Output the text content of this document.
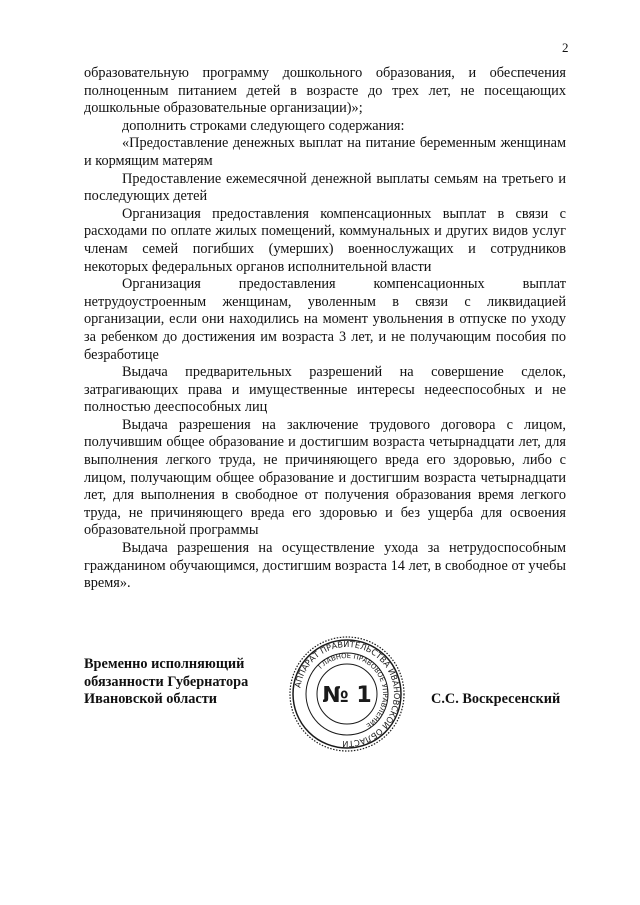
2

образовательную программу дошкольного образования, и обеспечения полноценным питанием детей в возрасте до трех лет, не посещающих дошкольные образовательные организации)»;

дополнить строками следующего содержания:

«Предоставление денежных выплат на питание беременным женщинам и кормящим матерям

Предоставление ежемесячной денежной выплаты семьям на третьего и последующих детей

Организация предоставления компенсационных выплат в связи с расходами по оплате жилых помещений, коммунальных и других видов услуг членам семей погибших (умерших) военнослужащих и сотрудников некоторых федеральных органов исполнительной власти

Организация предоставления компенсационных выплат нетрудоустроенным женщинам, уволенным в связи с ликвидацией организации, если они находились на момент увольнения в отпуске по уходу за ребенком до достижения им возраста 3 лет, и не получающим пособия по безработице

Выдача предварительных разрешений на совершение сделок, затрагивающих права и имущественные интересы недееспособных и не полностью дееспособных лиц

Выдача разрешения на заключение трудового договора с лицом, получившим общее образование и достигшим возраста четырнадцати лет, для выполнения легкого труда, не причиняющего вреда его здоровью, либо с лицом, получающим общее образование и достигшим возраста четырнадцати лет, для выполнения в свободное от получения образования время легкого труда, не причиняющего вреда его здоровью и без ущерба для освоения образовательной программы

Выдача разрешения на осуществление ухода за нетрудоспособным гражданином обучающимся, достигшим возраста 14 лет, в свободное от учебы время».

Временно исполняющий
обязанности Губернатора
Ивановской области
АППАРАТ ПРАВИТЕЛЬСТВА ИВАНОВСКОЙ ОБЛАСТИ
ГЛАВНОЕ ПРАВОВОЕ УПРАВЛЕНИЕ
№ 1	С.С. Воскресенский
